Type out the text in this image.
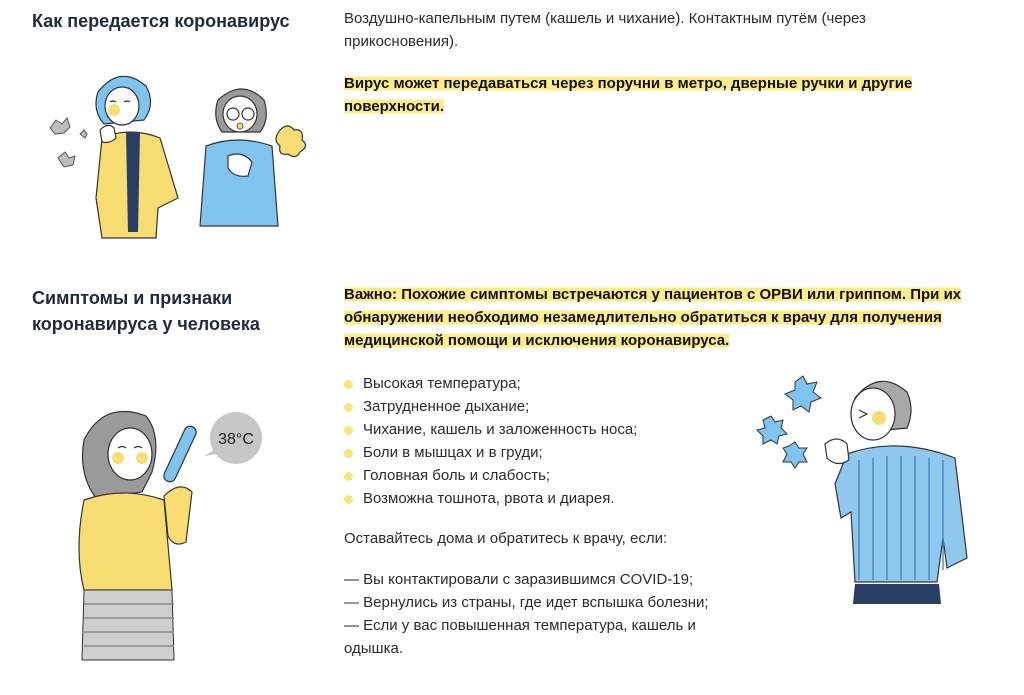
Как передается коронавирус	Воздушно-капельным путем (кашель и чихание). Контактным путём (через прикосновения).

Вирус может передаваться через поручни в метро, дверные ручки и другие поверхности.

Симптомы и признаки
коронавируса у человека

Важно: Похожие симптомы встречаются у пациентов с ОРВИ или гриппом. При их обнаружении необходимо незамедлительно обратиться к врачу для получения медицинской помощи и исключения коронавируса.

Высокая температура;
Затрудненное дыхание;
Чихание, кашель и заложенность носа;
Боли в мышцах и в груди;
Головная боль и слабость;
Возможна тошнота, рвота и диарея.

Оставайтесь дома и обратитесь к врачу, если:

— Вы контактировали с заразившимся COVID-19;
— Вернулись из страны, где идет вспышка болезни;
— Если у вас повышенная температура, кашель и одышка.
38°C
